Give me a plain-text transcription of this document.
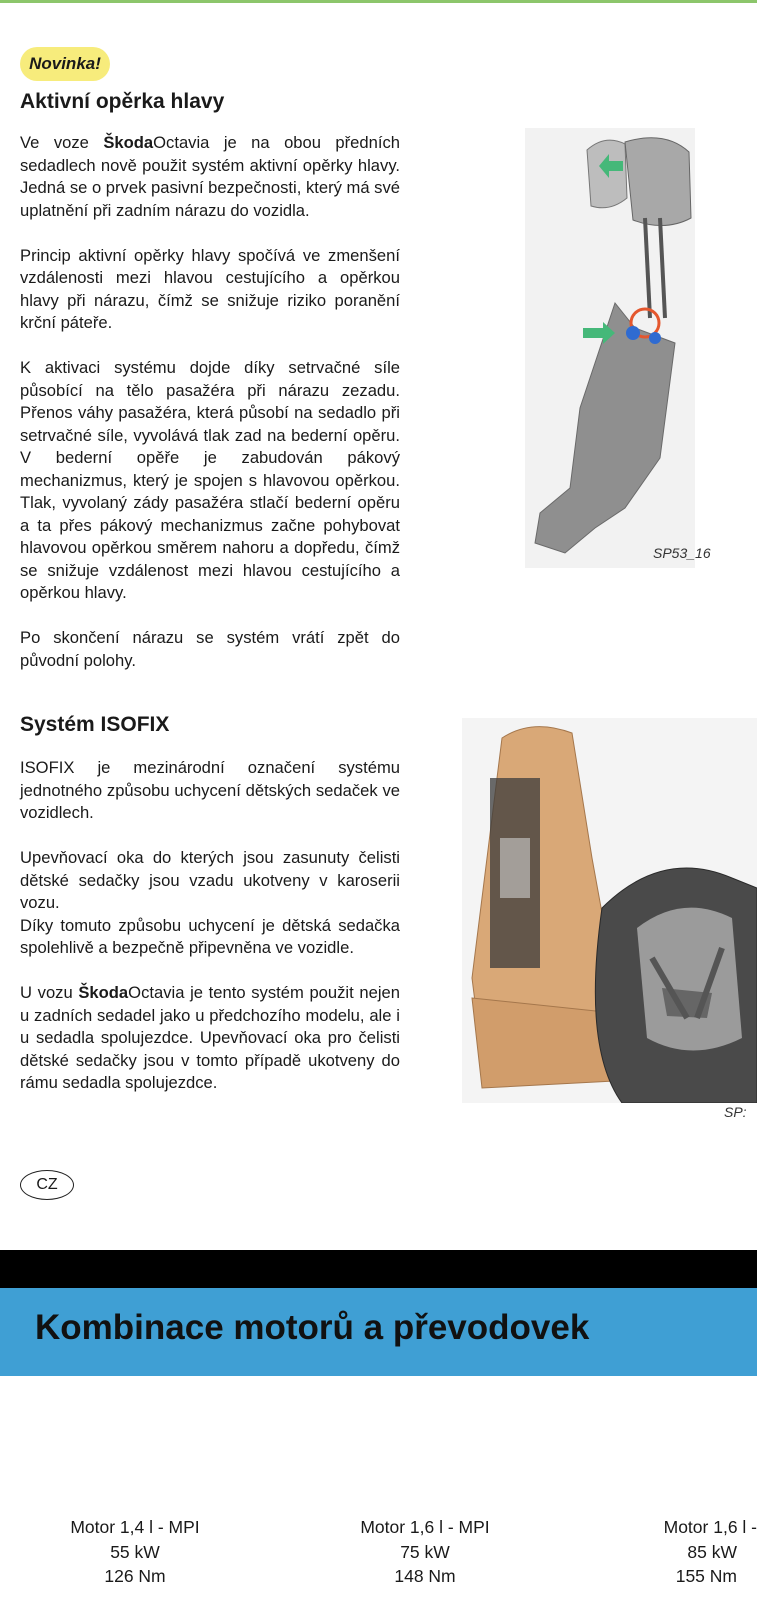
Novinka!
Aktivní opěrka hlavy

Ve voze ŠkodaOctavia je na obou předních sedadlech nově použit systém aktivní opěrky hlavy. Jedná se o prvek pasivní bezpečnosti, který má své uplatnění při zadním nárazu do vozidla.

Princip aktivní opěrky hlavy spočívá ve zmenšení vzdálenosti mezi hlavou cestujícího a opěrkou hlavy při nárazu, čímž se snižuje riziko poranění krční páteře.

K aktivaci systému dojde díky setrvačné síle působící na tělo pasažéra při nárazu zezadu. Přenos váhy pasažéra, která působí na sedadlo při setrvačné síle, vyvolává tlak zad na bederní opěru. V bederní opěře je zabudován pákový mechanizmus, který je spojen s hlavovou opěrkou. Tlak, vyvolaný zády pasažéra stlačí bederní opěru a ta přes pákový mechanizmus začne pohybovat hlavovou opěrkou směrem nahoru a dopředu, čímž se snižuje vzdálenost mezi hlavou cestujícího a opěrkou hlavy.

Po skončení nárazu se systém vrátí zpět do původní polohy.

SP53_16
Systém ISOFIX

ISOFIX je mezinárodní označení systému jednotného způsobu uchycení dětských sedaček ve vozidlech.

Upevňovací oka do kterých jsou zasunuty čelisti dětské sedačky jsou vzadu ukotveny v karoserii vozu.

Díky tomuto způsobu uchycení je dětská sedačka spolehlivě a bezpečně připevněna ve vozidle.

U vozu ŠkodaOctavia je tento systém použit nejen u zadních sedadel jako u předchozího modelu, ale i u sedadla spolujezdce. Upevňovací oka pro čelisti dětské sedačky jsou v tomto případě ukotveny do rámu sedadla spolujezdce.

SP:
CZ
Kombinace motorů a převodovek
Motor 1,4 l - MPI
55 kW
126 Nm
Motor 1,6 l - MPI
75 kW
148 Nm
Motor 1,6 l -
85 kW
155 Nm
